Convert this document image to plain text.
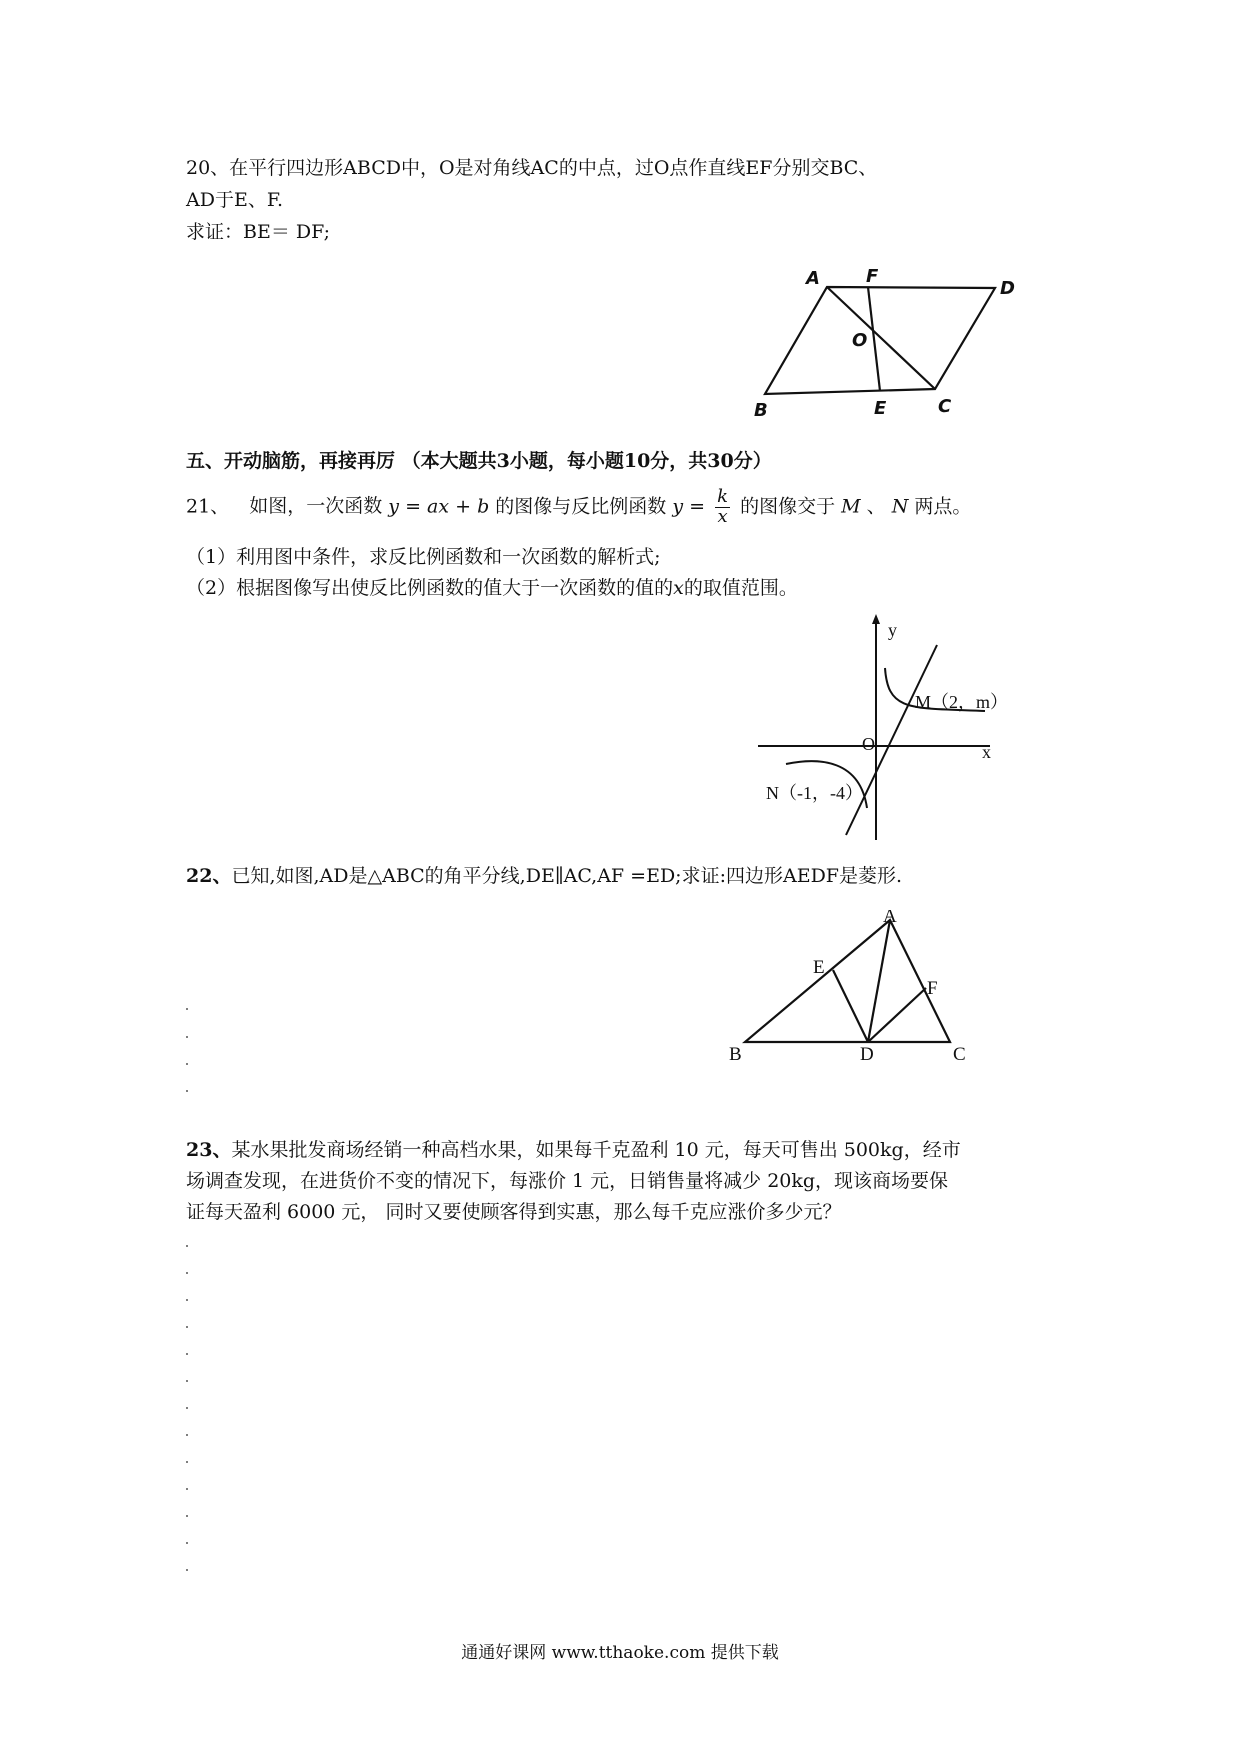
20、在平行四边形ABCD中，O是对角线AC的中点，过O点作直线EF分别交BC、
AD于E、F.
求证：BE＝ DF;
A	F
D
O
B	E	C
五、开动脑筋，再接再厉 （本大题共3小题，每小题10分，共30分）
21、 如图，一次函数 y = ax + b 的图像与反比例函数 $y = \frac{k}{x}$ 的图像交于 M 、 N 两点。
（1）利用图中条件，求反比例函数和一次函数的解析式;
（2）根据图像写出使反比例函数的值大于一次函数的值的x的取值范围。
y
x
O
M（2，m）
N（-1，-4）
22、已知,如图,AD是△ABC的角平分线,DE∥AC,AF =ED;求证:四边形AEDF是菱形.
A
E
F
B	D	C
23、某水果批发商场经销一种高档水果，如果每千克盈利 10 元，每天可售出 500kg，经市
场调查发现，在进货价不变的情况下，每涨价 1 元，日销售量将减少 20kg，现该商场要保
证每天盈利 6000 元， 同时又要使顾客得到实惠，那么每千克应涨价多少元？
通通好课网 www.tthaoke.com 提供下载
